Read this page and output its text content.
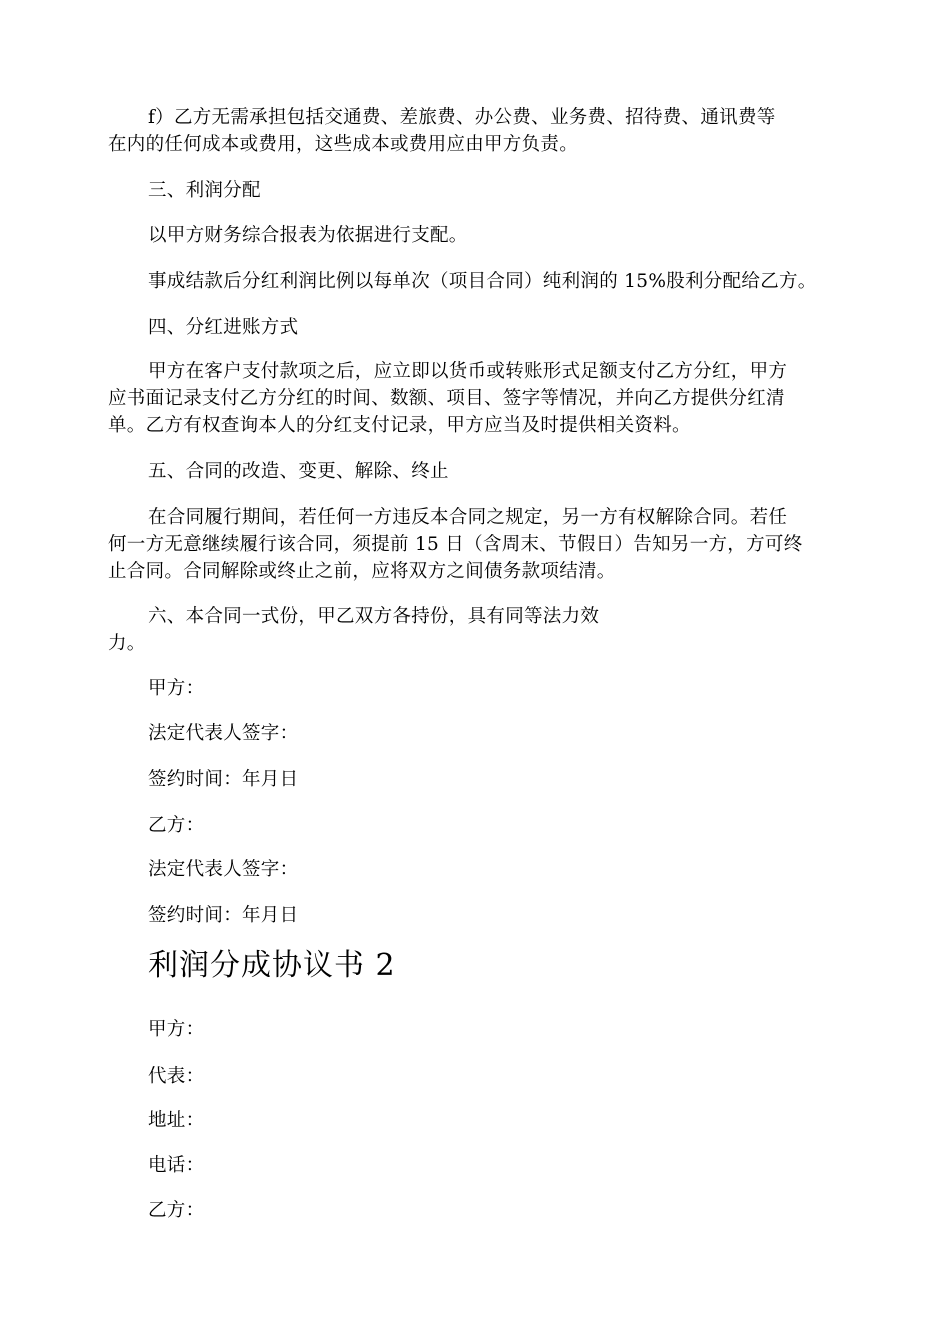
f）乙方无需承担包括交通费、差旅费、办公费、业务费、招待费、通讯费等
在内的任何成本或费用，这些成本或费用应由甲方负责。
三、利润分配
以甲方财务综合报表为依据进行支配。
事成结款后分红利润比例以每单次（项目合同）纯利润的 15%股利分配给乙方。
四、分红进账方式
甲方在客户支付款项之后，应立即以货币或转账形式足额支付乙方分红，甲方
应书面记录支付乙方分红的时间、数额、项目、签字等情况，并向乙方提供分红清
单。乙方有权查询本人的分红支付记录，甲方应当及时提供相关资料。
五、合同的改造、变更、解除、终止
在合同履行期间，若任何一方违反本合同之规定，另一方有权解除合同。若任
何一方无意继续履行该合同，须提前 15 日（含周末、节假日）告知另一方，方可终
止合同。合同解除或终止之前，应将双方之间债务款项结清。
六、本合同一式份，甲乙双方各持份，具有同等法力效
力。
甲方：
法定代表人签字：
签约时间：年月日
乙方：
法定代表人签字：
签约时间：年月日
利润分成协议书 2
甲方：
代表：
地址：
电话：
乙方：
